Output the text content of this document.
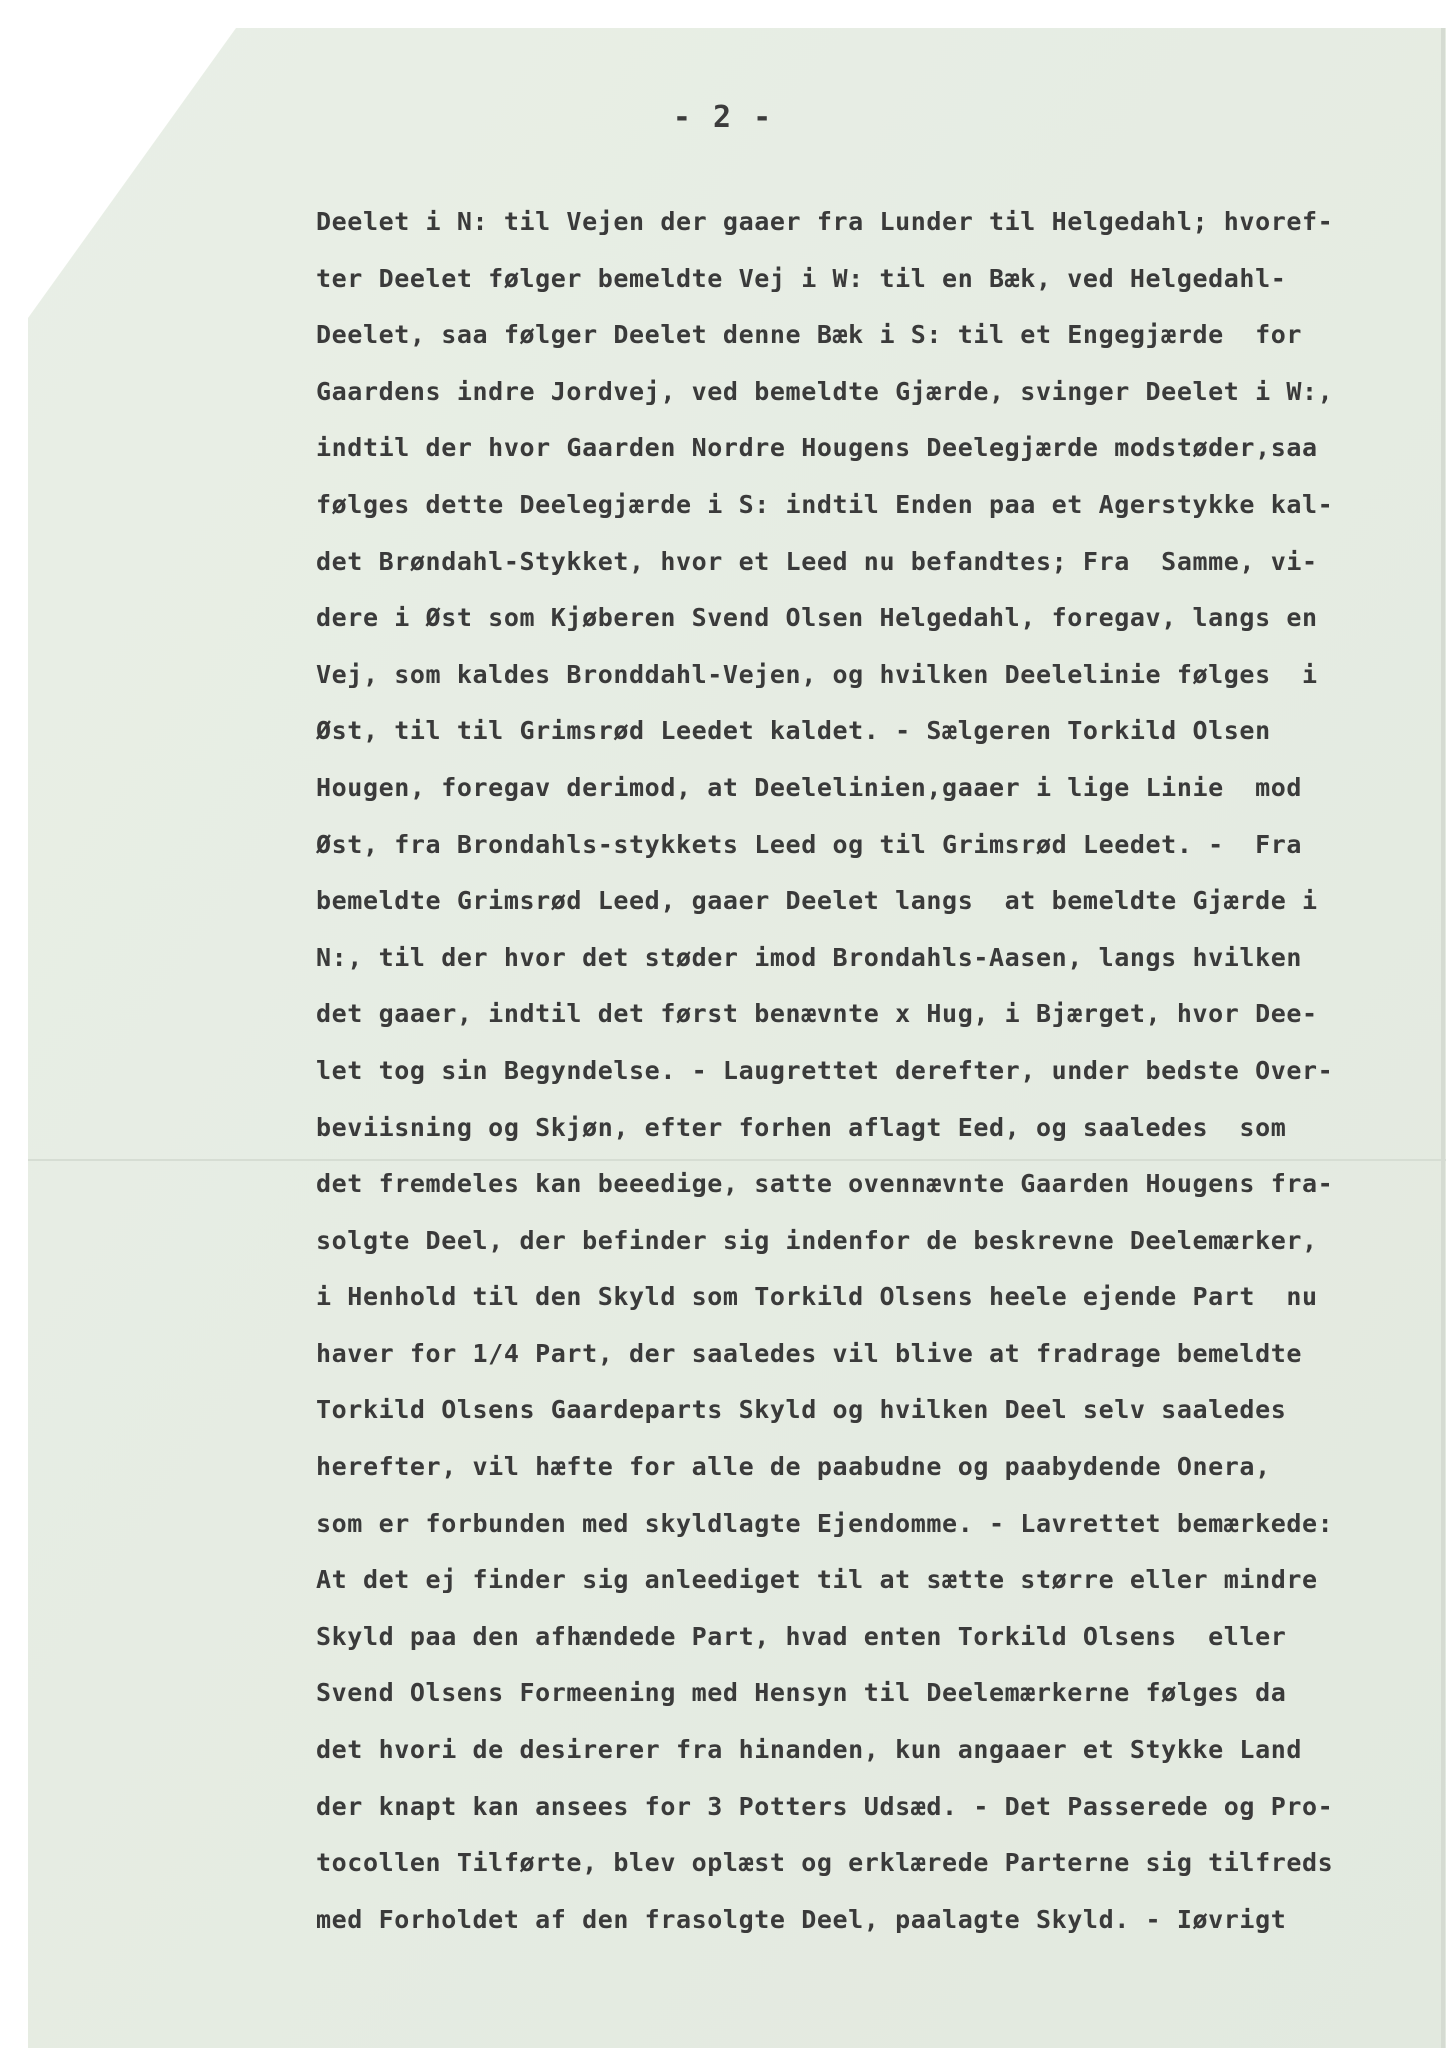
- 2 -
Deelet i N: til Vejen der gaaer fra Lunder til Helgedahl; hvoref-
ter Deelet følger bemeldte Vej i W: til en Bæk, ved Helgedahl-
Deelet, saa følger Deelet denne Bæk i S: til et Engegjærde  for
Gaardens indre Jordvej, ved bemeldte Gjærde, svinger Deelet i W:,
indtil der hvor Gaarden Nordre Hougens Deelegjærde modstøder,saa
følges dette Deelegjærde i S: indtil Enden paa et Agerstykke kal-
det Brøndahl-Stykket, hvor et Leed nu befandtes; Fra  Samme, vi-
dere i Øst som Kjøberen Svend Olsen Helgedahl, foregav, langs en
Vej, som kaldes Bronddahl-Vejen, og hvilken Deelelinie følges  i
Øst, til til Grimsrød Leedet kaldet. - Sælgeren Torkild Olsen
Hougen, foregav derimod, at Deelelinien,gaaer i lige Linie  mod
Øst, fra Brondahls-stykkets Leed og til Grimsrød Leedet. -  Fra
bemeldte Grimsrød Leed, gaaer Deelet langs  at bemeldte Gjærde i
N:, til der hvor det støder imod Brondahls-Aasen, langs hvilken
det gaaer, indtil det først benævnte x Hug, i Bjærget, hvor Dee-
let tog sin Begyndelse. - Laugrettet derefter, under bedste Over-
beviisning og Skjøn, efter forhen aflagt Eed, og saaledes  som
det fremdeles kan beeedige, satte ovennævnte Gaarden Hougens fra-
solgte Deel, der befinder sig indenfor de beskrevne Deelemærker,
i Henhold til den Skyld som Torkild Olsens heele ejende Part  nu
haver for 1/4 Part, der saaledes vil blive at fradrage bemeldte
Torkild Olsens Gaardeparts Skyld og hvilken Deel selv saaledes
herefter, vil hæfte for alle de paabudne og paabydende Onera,
som er forbunden med skyldlagte Ejendomme. - Lavrettet bemærkede:
At det ej finder sig anleediget til at sætte større eller mindre
Skyld paa den afhændede Part, hvad enten Torkild Olsens  eller
Svend Olsens Formeening med Hensyn til Deelemærkerne følges da
det hvori de desirerer fra hinanden, kun angaaer et Stykke Land
der knapt kan ansees for 3 Potters Udsæd. - Det Passerede og Pro-
tocollen Tilførte, blev oplæst og erklærede Parterne sig tilfreds
med Forholdet af den frasolgte Deel, paalagte Skyld. - Iøvrigt
